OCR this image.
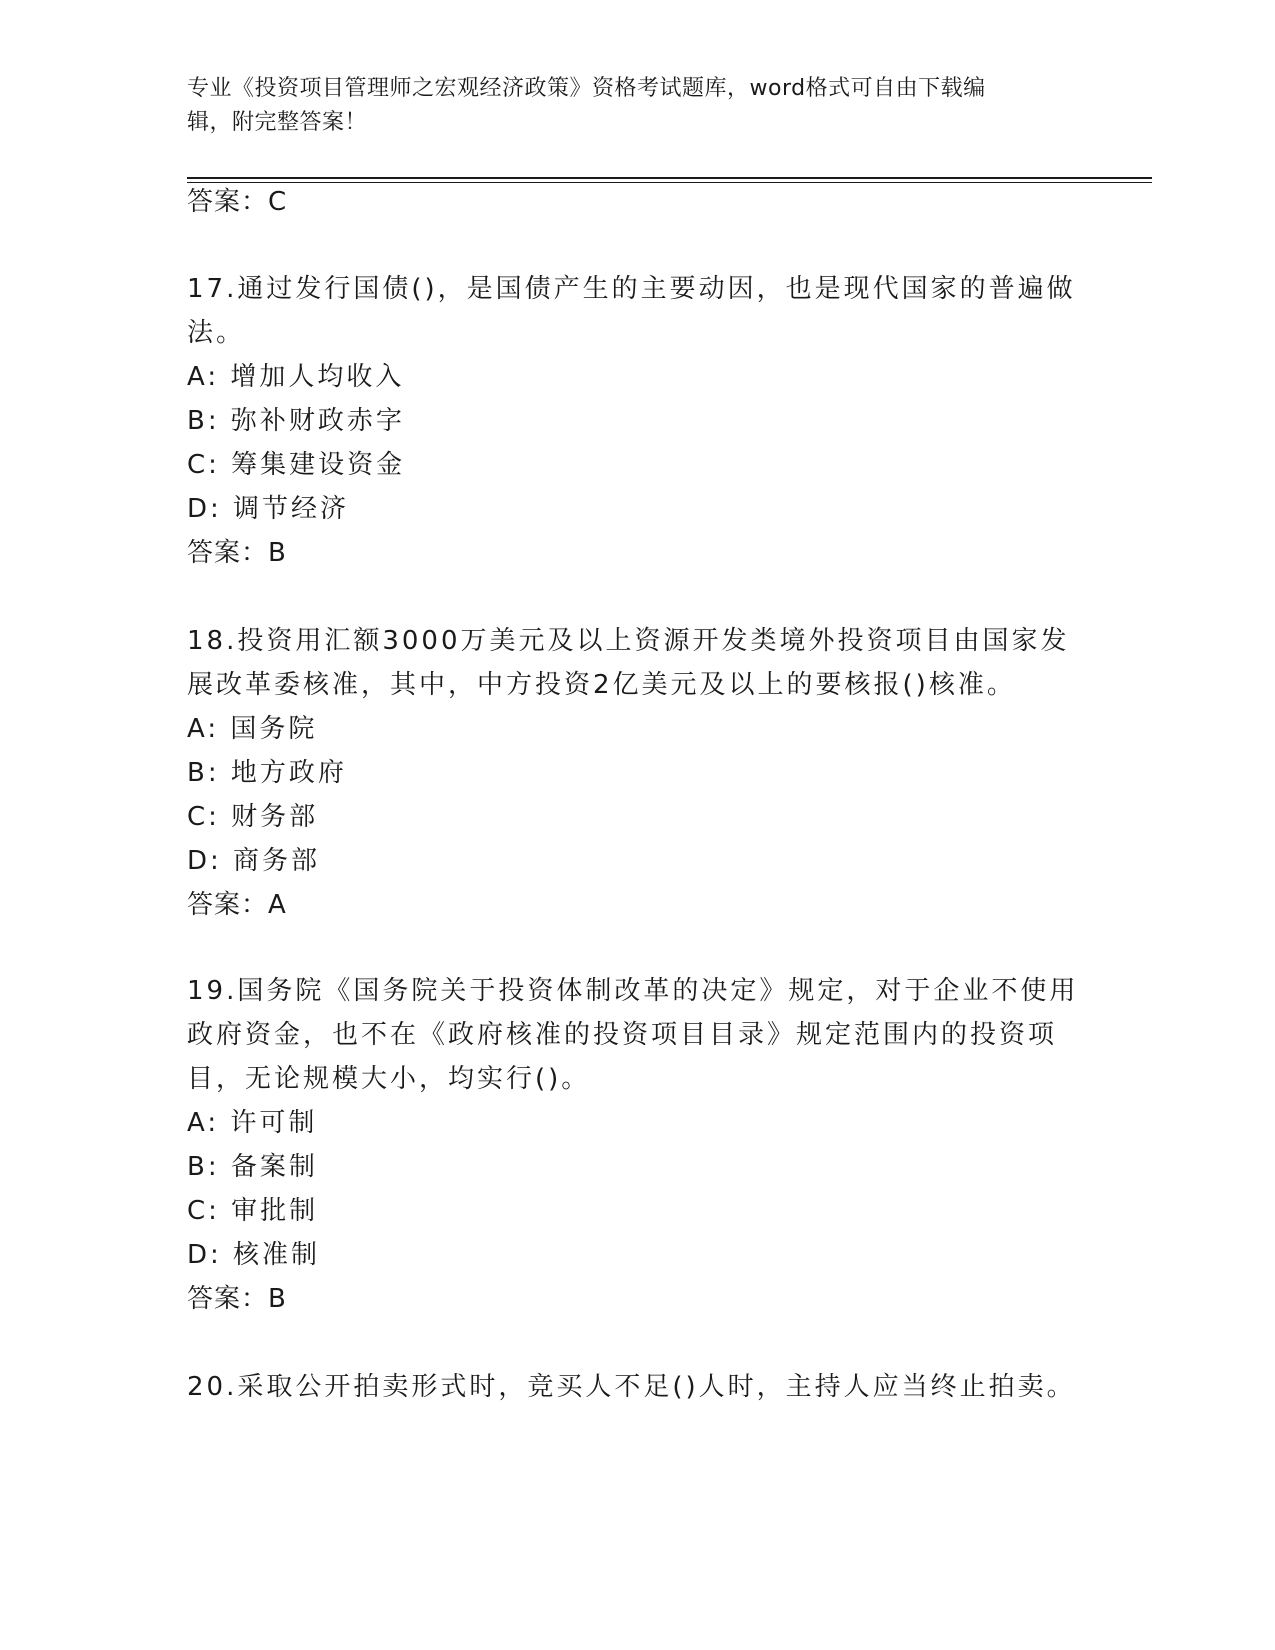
专业《投资项目管理师之宏观经济政策》资格考试题库，word格式可自由下载编
辑，附完整答案！
答案：C
17.通过发行国债()，是国债产生的主要动因，也是现代国家的普遍做
法。
A: 增加人均收入
B: 弥补财政赤字
C: 筹集建设资金
D: 调节经济
答案：B
18.投资用汇额3000万美元及以上资源开发类境外投资项目由国家发
展改革委核准，其中，中方投资2亿美元及以上的要核报()核准。
A: 国务院
B: 地方政府
C: 财务部
D: 商务部
答案：A
19.国务院《国务院关于投资体制改革的决定》规定，对于企业不使用
政府资金，也不在《政府核准的投资项目目录》规定范围内的投资项
目，无论规模大小，均实行()。
A: 许可制
B: 备案制
C: 审批制
D: 核准制
答案：B
20.采取公开拍卖形式时，竞买人不足()人时，主持人应当终止拍卖。
